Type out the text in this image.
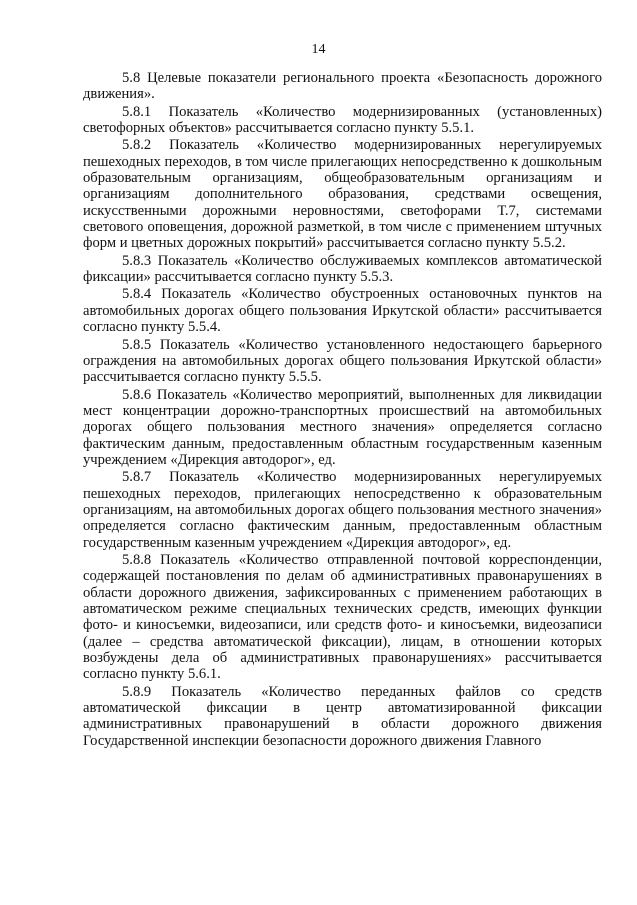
14

5.8 Целевые показатели регионального проекта «Безопасность дорожного движения».

5.8.1 Показатель «Количество модернизированных (установленных) светофорных объектов» рассчитывается согласно пункту 5.5.1.

5.8.2 Показатель «Количество модернизированных нерегулируемых пешеходных переходов, в том числе прилегающих непосредственно к дошкольным образовательным организациям, общеобразовательным организациям и организациям дополнительного образования, средствами освещения, искусственными дорожными неровностями, светофорами Т.7, системами светового оповещения, дорожной разметкой, в том числе с применением штучных форм и цветных дорожных покрытий» рассчитывается согласно пункту 5.5.2.

5.8.3 Показатель «Количество обслуживаемых комплексов автоматической фиксации» рассчитывается согласно пункту 5.5.3.

5.8.4 Показатель «Количество обустроенных остановочных пунктов на автомобильных дорогах общего пользования Иркутской области» рассчитывается согласно пункту 5.5.4.

5.8.5 Показатель «Количество установленного недостающего барьерного ограждения на автомобильных дорогах общего пользования Иркутской области» рассчитывается согласно пункту 5.5.5.

5.8.6 Показатель «Количество мероприятий, выполненных для ликвидации мест концентрации дорожно-транспортных происшествий на автомобильных дорогах общего пользования местного значения» определяется согласно фактическим данным, предоставленным областным государственным казенным учреждением «Дирекция автодорог», ед.

5.8.7 Показатель «Количество модернизированных нерегулируемых пешеходных переходов, прилегающих непосредственно к образовательным организациям, на автомобильных дорогах общего пользования местного значения» определяется согласно фактическим данным, предоставленным областным государственным казенным учреждением «Дирекция автодорог», ед.

5.8.8 Показатель «Количество отправленной почтовой корреспонденции, содержащей постановления по делам об административных правонарушениях в области дорожного движения, зафиксированных с применением работающих в автоматическом режиме специальных технических средств, имеющих функции фото- и киносъемки, видеозаписи, или средств фото- и киносъемки, видеозаписи (далее – средства автоматической фиксации), лицам, в отношении которых возбуждены дела об административных правонарушениях» рассчитывается согласно пункту 5.6.1.

5.8.9 Показатель «Количество переданных файлов со средств автоматической фиксации в центр автоматизированной фиксации административных правонарушений в области дорожного движения Государственной инспекции безопасности дорожного движения Главного
